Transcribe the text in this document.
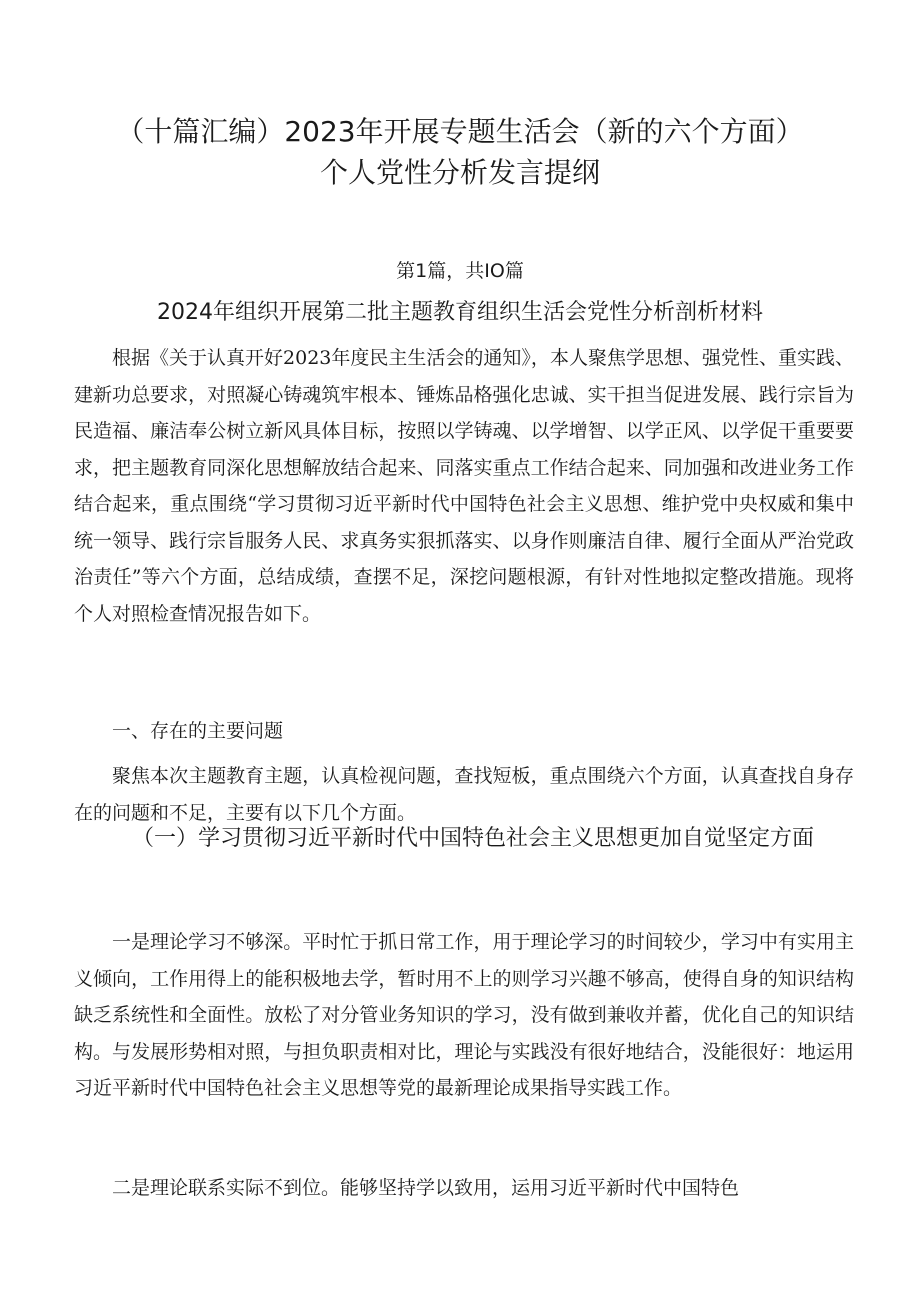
（十篇汇编）2023年开展专题生活会（新的六个方面）
个人党性分析发言提纲
第1篇，共IO篇
2024年组织开展第二批主题教育组织生活会党性分析剖析材料

根据《关于认真开好2023年度民主生活会的通知》，本人聚焦学思想、强党性、重实践、建新功总要求，对照凝心铸魂筑牢根本、锤炼品格强化忠诚、实干担当促进发展、践行宗旨为民造福、廉洁奉公树立新风具体目标，按照以学铸魂、以学增智、以学正风、以学促干重要要求，把主题教育同深化思想解放结合起来、同落实重点工作结合起来、同加强和改进业务工作结合起来，重点围绕“学习贯彻习近平新时代中国特色社会主义思想、维护党中央权威和集中统一领导、践行宗旨服务人民、求真务实狠抓落实、以身作则廉洁自律、履行全面从严治党政治责任”等六个方面，总结成绩，查摆不足，深挖问题根源，有针对性地拟定整改措施。现将个人对照检查情况报告如下。

一、存在的主要问题

聚焦本次主题教育主题，认真检视问题，查找短板，重点围绕六个方面，认真查找自身存在的问题和不足，主要有以下几个方面。

（一）学习贯彻习近平新时代中国特色社会主义思想更加自觉坚定方面

一是理论学习不够深。平时忙于抓日常工作，用于理论学习的时间较少，学习中有实用主义倾向，工作用得上的能积极地去学，暂时用不上的则学习兴趣不够高，使得自身的知识结构缺乏系统性和全面性。放松了对分管业务知识的学习，没有做到兼收并蓄，优化自己的知识结构。与发展形势相对照，与担负职责相对比，理论与实践没有很好地结合，没能很好：地运用习近平新时代中国特色社会主义思想等党的最新理论成果指导实践工作。

二是理论联系实际不到位。能够坚持学以致用，运用习近平新时代中国特色
